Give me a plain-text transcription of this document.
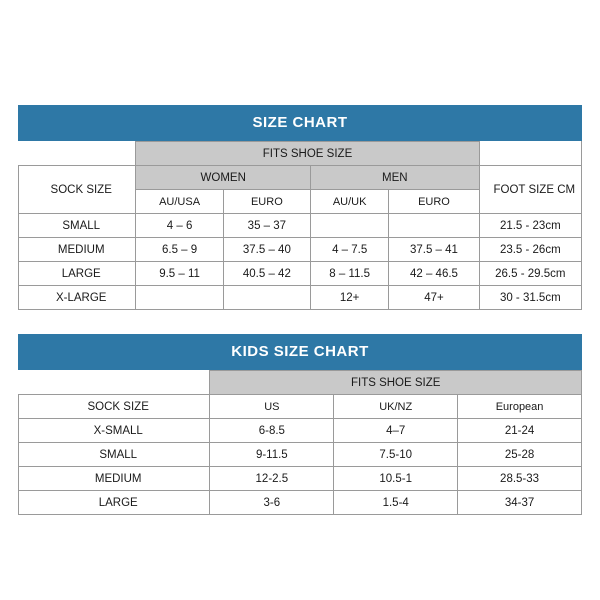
SIZE CHART
	FITS SHOE SIZE				
SOCK SIZE	WOMEN		MEN		FOOT SIZE CM
	AU/USA	EURO	AU/UK	EURO	
SMALL	4 – 6	35 – 37			21.5 - 23cm
MEDIUM	6.5 – 9	37.5 – 40	4 – 7.5	37.5 – 41	23.5 - 26cm
LARGE	9.5 – 11	40.5 – 42	8 – 11.5	42 – 46.5	26.5 - 29.5cm
X-LARGE			12+	47+	30 - 31.5cm
KIDS SIZE CHART
	FITS SHOE SIZE		
SOCK SIZE	US	UK/NZ	European
X-SMALL	6-8.5	4–7	21-24
SMALL	9-11.5	7.5-10	25-28
MEDIUM	12-2.5	10.5-1	28.5-33
LARGE	3-6	1.5-4	34-37
